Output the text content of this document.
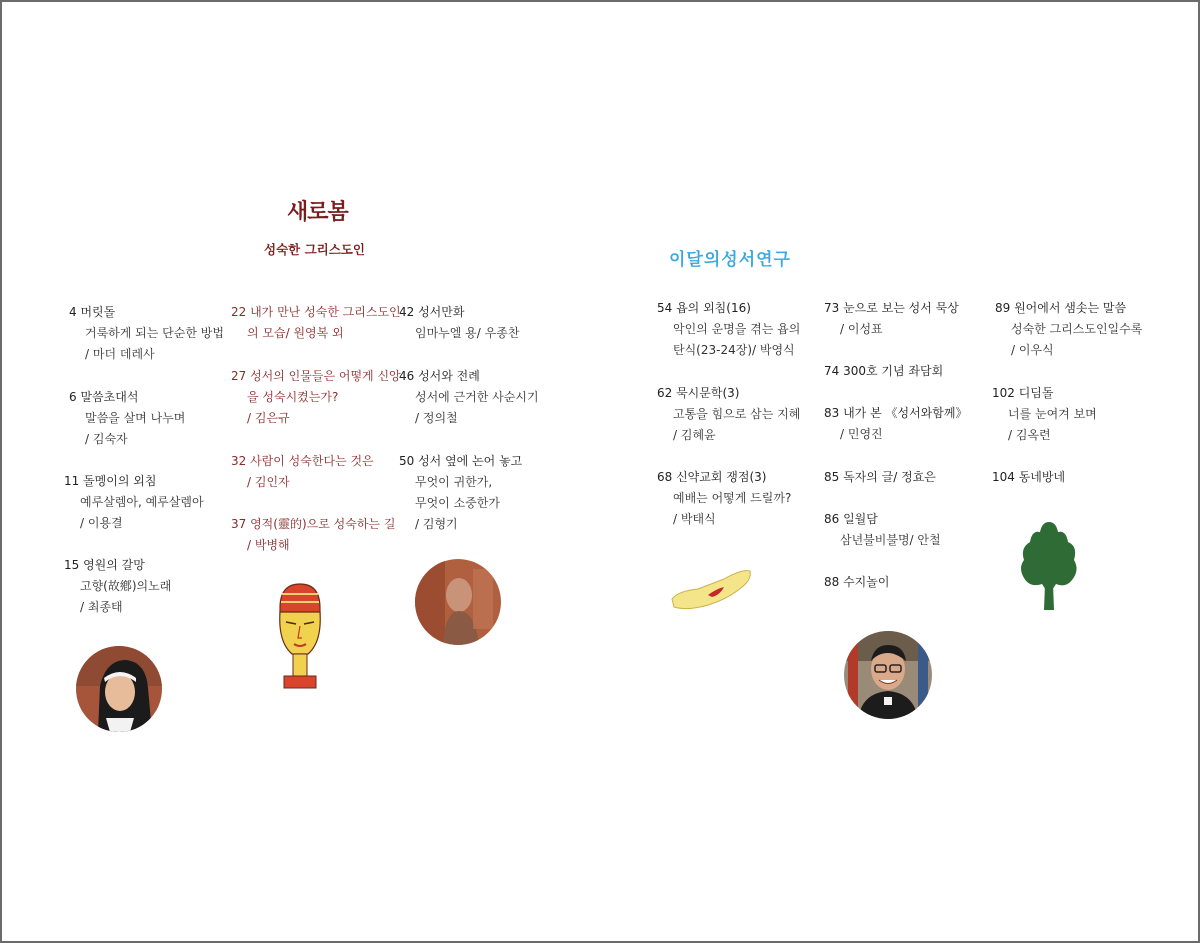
새로봄
성숙한 그리스도인
이달의성서연구
4 머릿돌
거룩하게 되는 단순한 방법
/ 마더 데레사
6 말씀초대석
말씀을 살며 나누며
/ 김숙자
11 돌멩이의 외침
예루살렘아, 예루살렘아
/ 이용결
15 영원의 갈망
고향(故鄕)의노래
/ 최종태
22 내가 만난 성숙한 그리스도인
의 모습/ 원영복 외
27 성서의 인물들은 어떻게 신앙
을 성숙시켰는가?
/ 김은규
32 사람이 성숙한다는 것은
/ 김인자
37 영적(靈的)으로 성숙하는 길
/ 박병해
42 성서만화
임마누엘 용/ 우종찬
46 성서와 전례
성서에 근거한 사순시기
/ 정의철
50 성서 옆에 논어 놓고
무엇이 귀한가,
무엇이 소중한가
/ 김형기
54 욥의 외침(16)
악인의 운명을 겪는 욥의
탄식(23-24장)/ 박영식
62 묵시문학(3)
고통을 힘으로 삼는 지혜
/ 김혜윤
68 신약교회 쟁점(3)
예배는 어떻게 드릴까?
/ 박태식
73 눈으로 보는 성서 묵상
/ 이성표
74 300호 기념 좌담회
83 내가 본 《성서와함께》
/ 민영진
85 독자의 글/ 정효은
86 일월담
삼년불비불명/ 안철
88 수지놀이
89 원어에서 샘솟는 말씀
성숙한 그리스도인일수록
/ 이우식
102 디딤돌
너를 눈여겨 보며
/ 김옥련
104 동네방네
